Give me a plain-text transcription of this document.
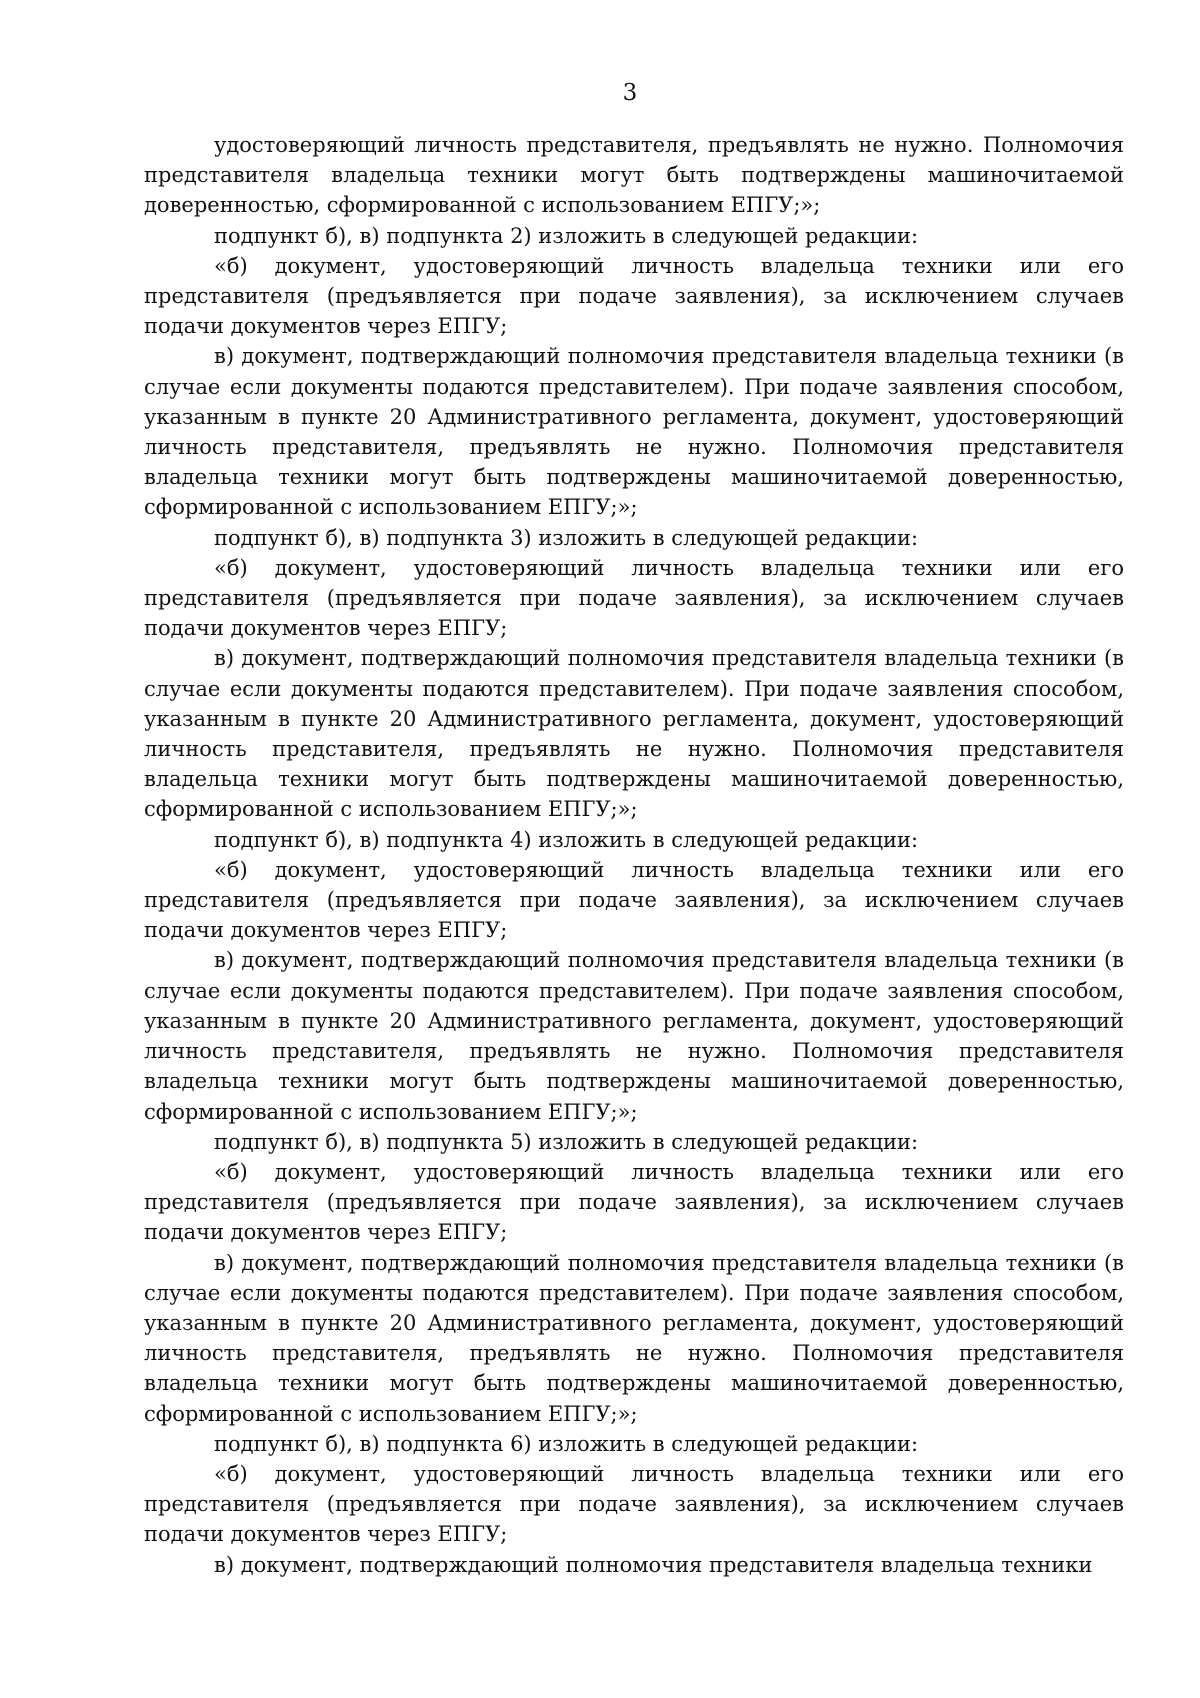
3

удостоверяющий личность представителя, предъявлять не нужно. Полномочия представителя владельца техники могут быть подтверждены машиночитаемой доверенностью, сформированной с использованием ЕПГУ;»;

подпункт б), в) подпункта 2) изложить в следующей редакции:

«б) документ, удостоверяющий личность владельца техники или его представителя (предъявляется при подаче заявления), за исключением случаев подачи документов через ЕПГУ;

в) документ, подтверждающий полномочия представителя владельца техники (в случае если документы подаются представителем). При подаче заявления способом, указанным в пункте 20 Административного регламента, документ, удостоверяющий личность представителя, предъявлять не нужно. Полномочия представителя владельца техники могут быть подтверждены машиночитаемой доверенностью, сформированной с использованием ЕПГУ;»;

подпункт б), в) подпункта 3) изложить в следующей редакции:

«б) документ, удостоверяющий личность владельца техники или его представителя (предъявляется при подаче заявления), за исключением случаев подачи документов через ЕПГУ;

в) документ, подтверждающий полномочия представителя владельца техники (в случае если документы подаются представителем). При подаче заявления способом, указанным в пункте 20 Административного регламента, документ, удостоверяющий личность представителя, предъявлять не нужно. Полномочия представителя владельца техники могут быть подтверждены машиночитаемой доверенностью, сформированной с использованием ЕПГУ;»;

подпункт б), в) подпункта 4) изложить в следующей редакции:

«б) документ, удостоверяющий личность владельца техники или его представителя (предъявляется при подаче заявления), за исключением случаев подачи документов через ЕПГУ;

в) документ, подтверждающий полномочия представителя владельца техники (в случае если документы подаются представителем). При подаче заявления способом, указанным в пункте 20 Административного регламента, документ, удостоверяющий личность представителя, предъявлять не нужно. Полномочия представителя владельца техники могут быть подтверждены машиночитаемой доверенностью, сформированной с использованием ЕПГУ;»;

подпункт б), в) подпункта 5) изложить в следующей редакции:

«б) документ, удостоверяющий личность владельца техники или его представителя (предъявляется при подаче заявления), за исключением случаев подачи документов через ЕПГУ;

в) документ, подтверждающий полномочия представителя владельца техники (в случае если документы подаются представителем). При подаче заявления способом, указанным в пункте 20 Административного регламента, документ, удостоверяющий личность представителя, предъявлять не нужно. Полномочия представителя владельца техники могут быть подтверждены машиночитаемой доверенностью, сформированной с использованием ЕПГУ;»;

подпункт б), в) подпункта 6) изложить в следующей редакции:

«б) документ, удостоверяющий личность владельца техники или его представителя (предъявляется при подаче заявления), за исключением случаев подачи документов через ЕПГУ;

в) документ, подтверждающий полномочия представителя владельца техники
